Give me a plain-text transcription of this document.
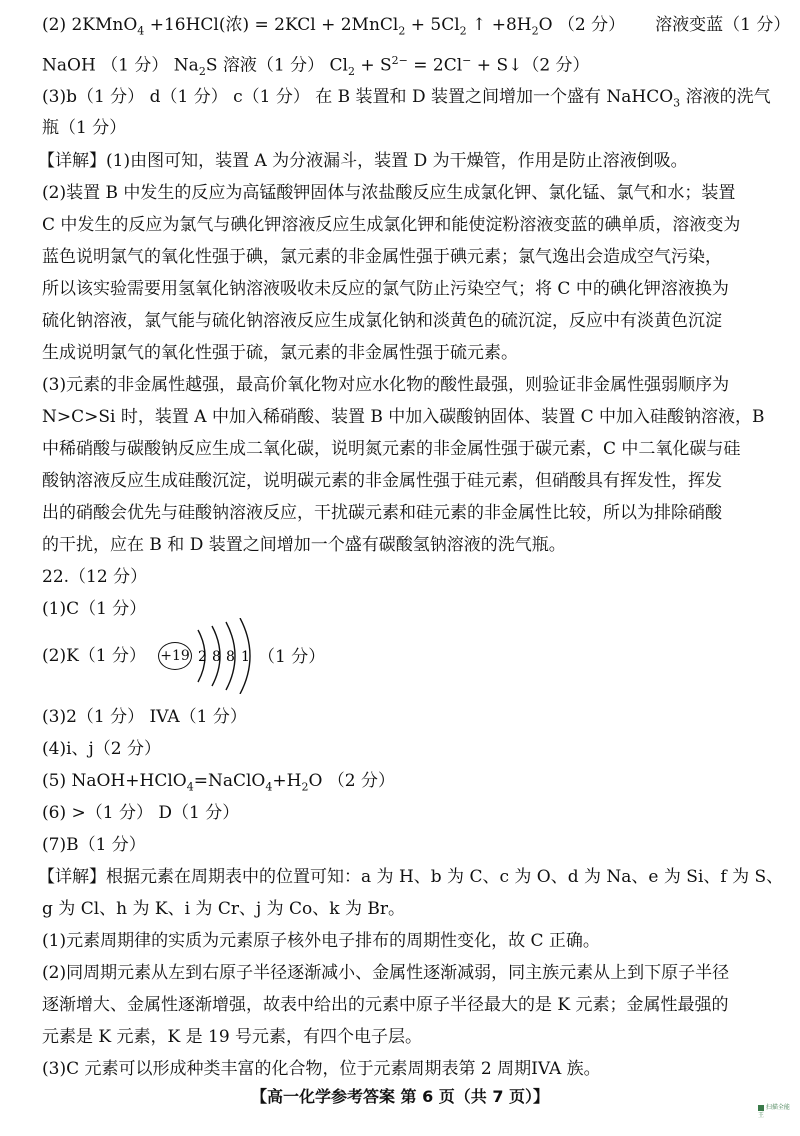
(2) 2KMnO$_4$ +16HCl(浓) = 2KCl + 2MnCl$_2$ + $5Cl_2$ ↑ $+8H_2O$ （2 分） 溶液变蓝（1 分）
NaOH （1 分） $Na_2S$ 溶液（1 分） $Cl_2 + S^{2-} = 2Cl^-$ + S↓（2 分）
(3)b（1 分） d（1 分） c（1 分） 在 B 装置和 D 装置之间增加一个盛有 NaHCO$_3$ 溶液的洗气
瓶（1 分）
【详解】(1)由图可知，装置 A 为分液漏斗，装置 D 为干燥管，作用是防止溶液倒吸。
(2)装置 B 中发生的反应为高锰酸钾固体与浓盐酸反应生成氯化钾、氯化锰、氯气和水；装置
C 中发生的反应为氯气与碘化钾溶液反应生成氯化钾和能使淀粉溶液变蓝的碘单质，溶液变为
蓝色说明氯气的氧化性强于碘，氯元素的非金属性强于碘元素；氯气逸出会造成空气污染，
所以该实验需要用氢氧化钠溶液吸收未反应的氯气防止污染空气；将 C 中的碘化钾溶液换为
硫化钠溶液，氯气能与硫化钠溶液反应生成氯化钠和淡黄色的硫沉淀，反应中有淡黄色沉淀
生成说明氯气的氧化性强于硫，氯元素的非金属性强于硫元素。
(3)元素的非金属性越强，最高价氧化物对应水化物的酸性最强，则验证非金属性强弱顺序为
N>C>Si 时，装置 A 中加入稀硝酸、装置 B 中加入碳酸钠固体、装置 C 中加入硅酸钠溶液，B
中稀硝酸与碳酸钠反应生成二氧化碳，说明氮元素的非金属性强于碳元素，C 中二氧化碳与硅
酸钠溶液反应生成硅酸沉淀，说明碳元素的非金属性强于硅元素，但硝酸具有挥发性，挥发
出的硝酸会优先与硅酸钠溶液反应，干扰碳元素和硅元素的非金属性比较，所以为排除硝酸
的干扰，应在 B 和 D 装置之间增加一个盛有碳酸氢钠溶液的洗气瓶。
22.（12 分）
(1)C（1 分）
(2)K（1 分）	+19 2 8 8 1 （1 分）
(3)2（1 分） IVA（1 分）
(4)i、j（2 分）
(5) $NaOH+HClO_4=NaClO_4+H_2O$ （2 分）
(6) >（1 分） D（1 分）
(7)B（1 分）
【详解】根据元素在周期表中的位置可知：a 为 H、b 为 C、c 为 O、d 为 Na、e 为 Si、f 为 S、
g 为 Cl、h 为 K、i 为 Cr、j 为 Co、k 为 Br。
(1)元素周期律的实质为元素原子核外电子排布的周期性变化，故 C 正确。
(2)同周期元素从左到右原子半径逐渐减小、金属性逐渐减弱，同主族元素从上到下原子半径
逐渐增大、金属性逐渐增强，故表中给出的元素中原子半径最大的是 K 元素；金属性最强的
元素是 K 元素，K 是 19 号元素，有四个电子层。
(3)C 元素可以形成种类丰富的化合物，位于元素周期表第 2 周期IVA 族。
【高一化学参考答案 第 6 页（共 7 页）】
扫描全能王
